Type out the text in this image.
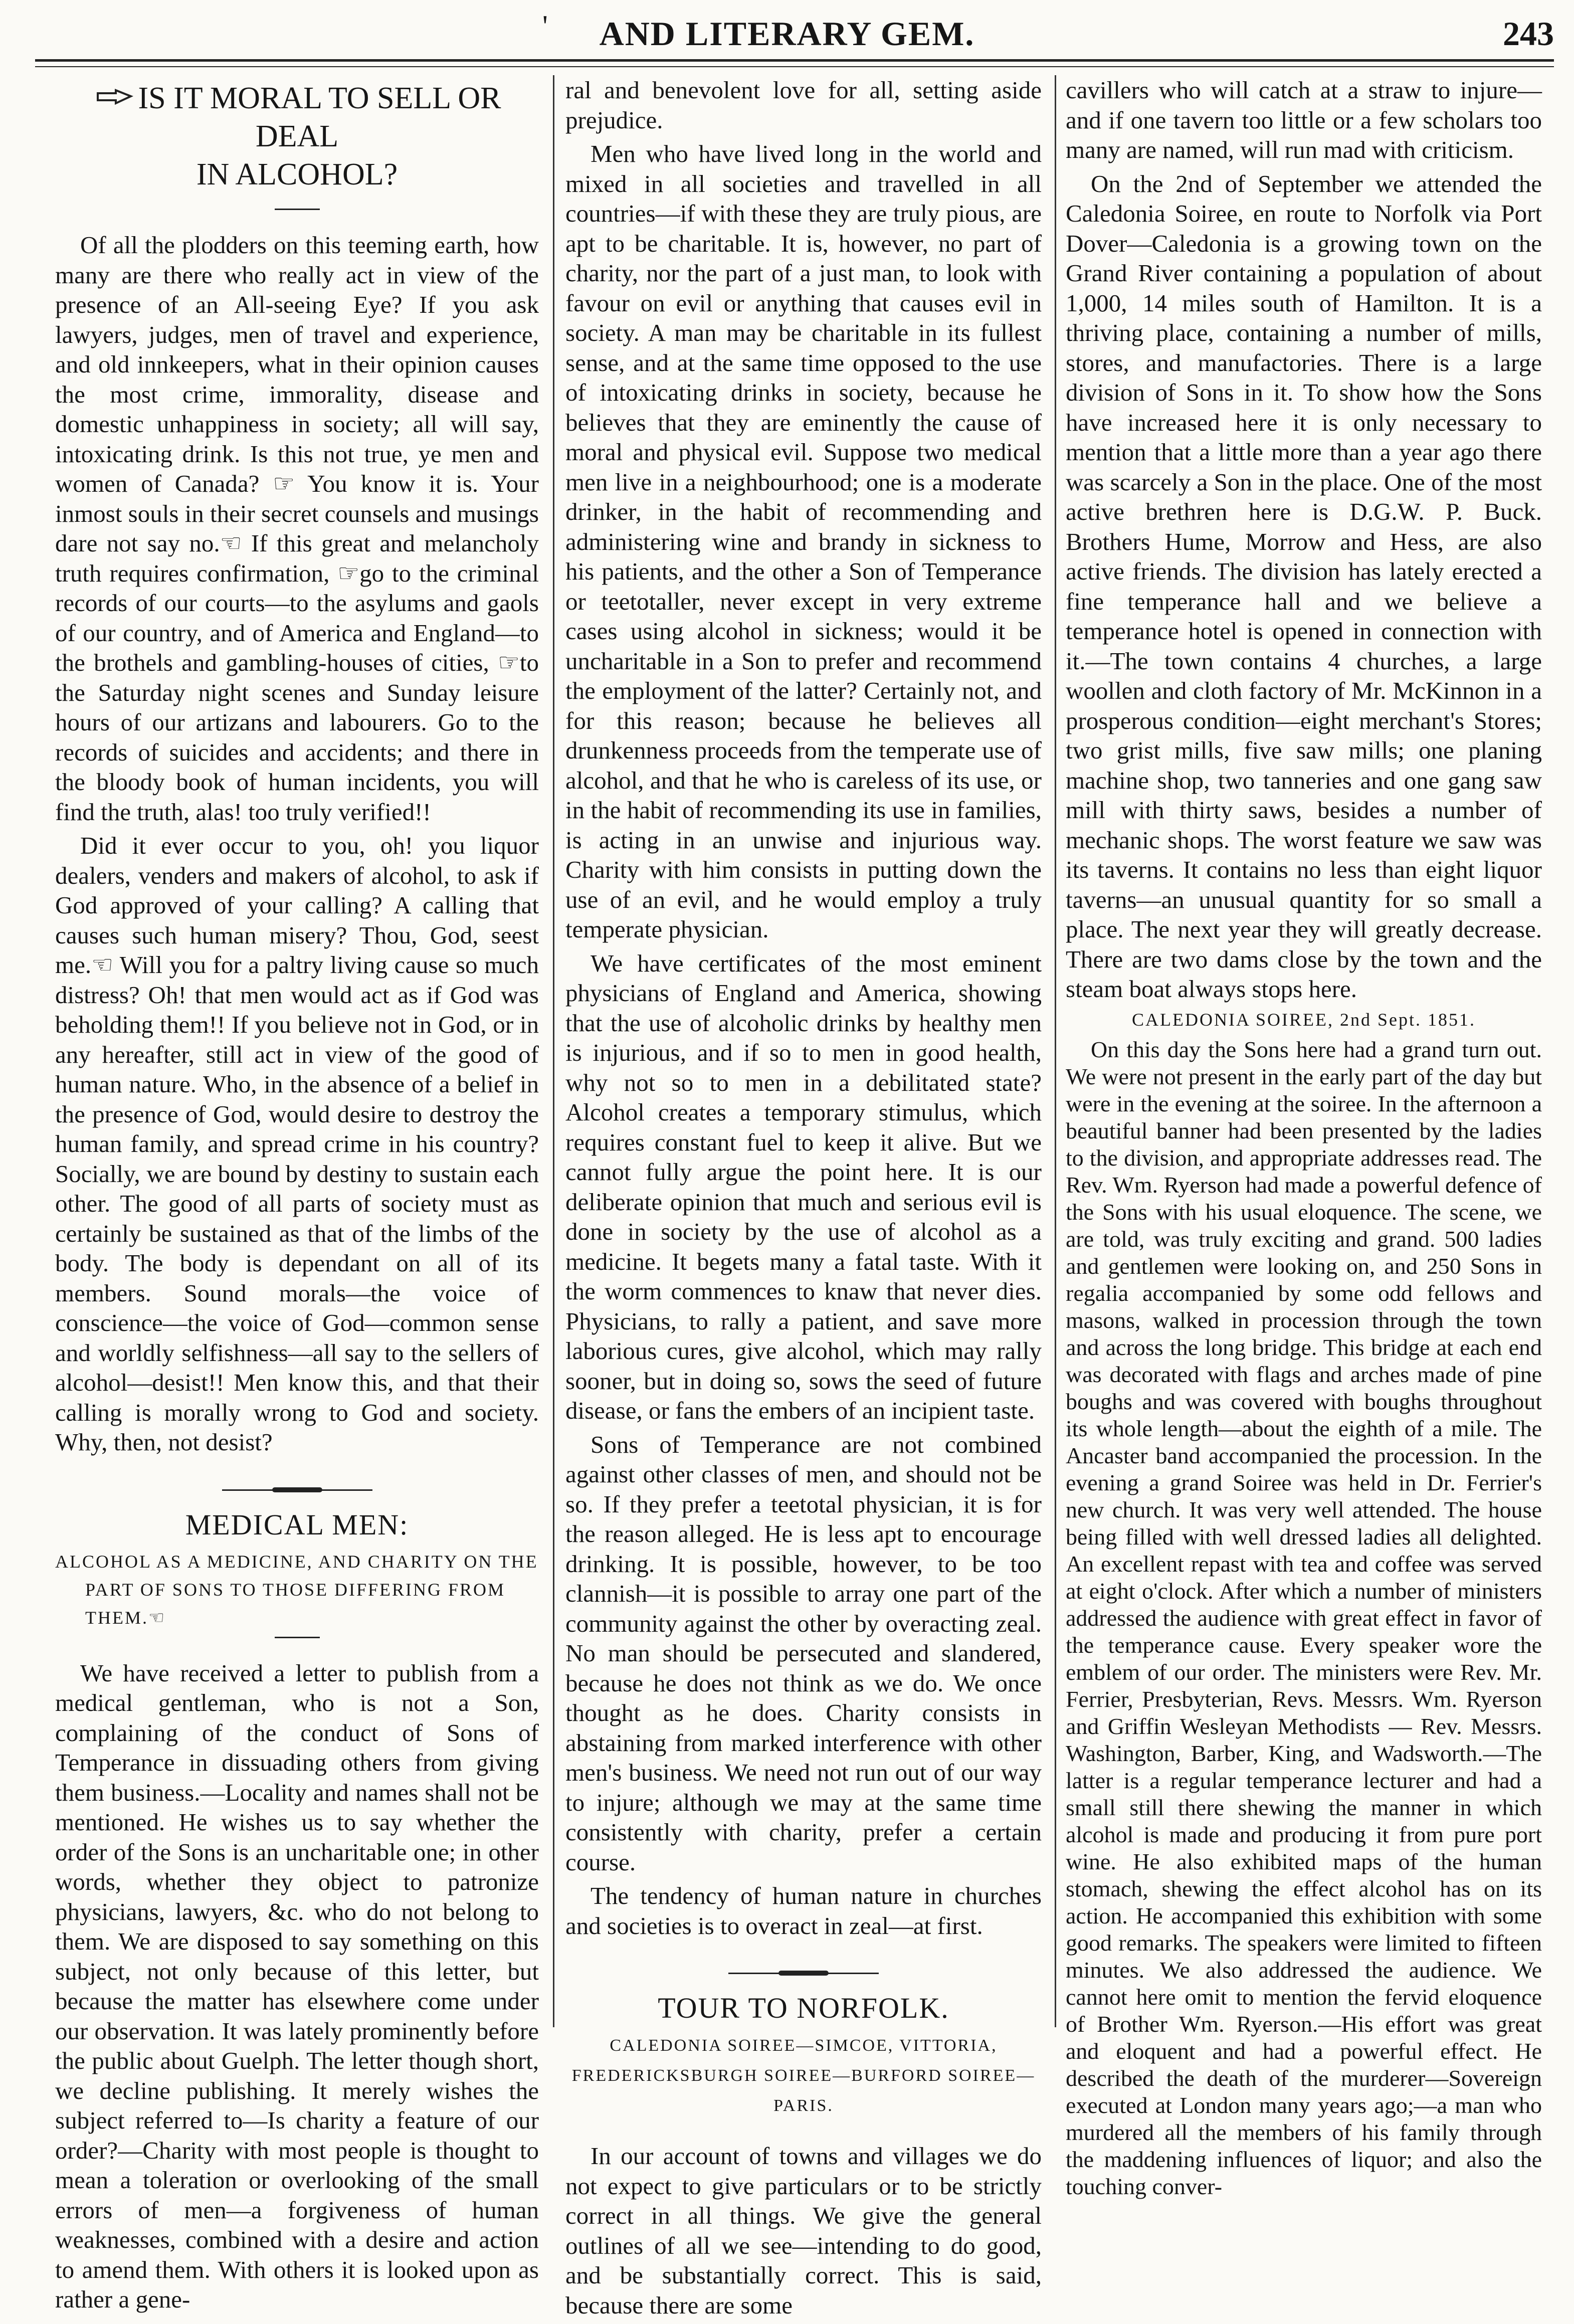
'	AND LITERARY GEM.	243
IS IT MORAL TO SELL OR DEAL
IN ALCOHOL?

Of all the plodders on this teeming earth, how many are there who really act in view of the presence of an All-seeing Eye? If you ask lawyers, judges, men of travel and experience, and old innkeepers, what in their opinion causes the most crime, immorality, disease and domestic unhappiness in society; all will say, intoxicating drink. Is this not true, ye men and women of Canada? ☞ You know it is. Your inmost souls in their secret counsels and musings dare not say no.☜ If this great and melancholy truth requires confirmation, ☞go to the criminal records of our courts—to the asylums and gaols of our country, and of America and England—to the brothels and gambling-houses of cities, ☞to the Saturday night scenes and Sunday leisure hours of our artizans and labourers. Go to the records of suicides and accidents; and there in the bloody book of human incidents, you will find the truth, alas! too truly verified!!

Did it ever occur to you, oh! you liquor dealers, venders and makers of alcohol, to ask if God approved of your calling? A calling that causes such human misery? Thou, God, seest me.☜ Will you for a paltry living cause so much distress? Oh! that men would act as if God was beholding them!! If you believe not in God, or in any hereafter, still act in view of the good of human nature. Who, in the absence of a belief in the presence of God, would desire to destroy the human family, and spread crime in his country? Socially, we are bound by destiny to sustain each other. The good of all parts of society must as certainly be sustained as that of the limbs of the body. The body is dependant on all of its members. Sound morals—the voice of conscience—the voice of God—common sense and worldly selfishness—all say to the sellers of alcohol—desist!! Men know this, and that their calling is morally wrong to God and society. Why, then, not desist?

MEDICAL MEN:
ALCOHOL AS A MEDICINE, AND CHARITY ON THE PART OF SONS TO THOSE DIFFERING FROM THEM.☜

We have received a letter to publish from a medical gentleman, who is not a Son, complaining of the conduct of Sons of Temperance in dissuading others from giving them business.—Locality and names shall not be mentioned. He wishes us to say whether the order of the Sons is an uncharitable one; in other words, whether they object to patronize physicians, lawyers, &c. who do not belong to them. We are disposed to say something on this subject, not only because of this letter, but because the matter has elsewhere come under our observation. It was lately prominently before the public about Guelph. The letter though short, we decline publishing. It merely wishes the subject referred to—Is charity a feature of our order?—Charity with most people is thought to mean a toleration or overlooking of the small errors of men—a forgiveness of human weaknesses, combined with a desire and action to amend them. With others it is looked upon as rather a gene-

ral and benevolent love for all, setting aside prejudice.

Men who have lived long in the world and mixed in all societies and travelled in all countries—if with these they are truly pious, are apt to be charitable. It is, however, no part of charity, nor the part of a just man, to look with favour on evil or anything that causes evil in society. A man may be charitable in its fullest sense, and at the same time opposed to the use of intoxicating drinks in society, because he believes that they are eminently the cause of moral and physical evil. Suppose two medical men live in a neighbourhood; one is a moderate drinker, in the habit of recommending and administering wine and brandy in sickness to his patients, and the other a Son of Temperance or teetotaller, never except in very extreme cases using alcohol in sickness; would it be uncharitable in a Son to prefer and recommend the employment of the latter? Certainly not, and for this reason; because he believes all drunkenness proceeds from the temperate use of alcohol, and that he who is careless of its use, or in the habit of recommending its use in families, is acting in an unwise and injurious way. Charity with him consists in putting down the use of an evil, and he would employ a truly temperate physician.

We have certificates of the most eminent physicians of England and America, showing that the use of alcoholic drinks by healthy men is injurious, and if so to men in good health, why not so to men in a debilitated state? Alcohol creates a temporary stimulus, which requires constant fuel to keep it alive. But we cannot fully argue the point here. It is our deliberate opinion that much and serious evil is done in society by the use of alcohol as a medicine. It begets many a fatal taste. With it the worm commences to knaw that never dies. Physicians, to rally a patient, and save more laborious cures, give alcohol, which may rally sooner, but in doing so, sows the seed of future disease, or fans the embers of an incipient taste.

Sons of Temperance are not combined against other classes of men, and should not be so. If they prefer a teetotal physician, it is for the reason alleged. He is less apt to encourage drinking. It is possible, however, to be too clannish—it is possible to array one part of the community against the other by overacting zeal. No man should be persecuted and slandered, because he does not think as we do. We once thought as he does. Charity consists in abstaining from marked interference with other men's business. We need not run out of our way to injure; although we may at the same time consistently with charity, prefer a certain course.

The tendency of human nature in churches and societies is to overact in zeal—at first.

TOUR TO NORFOLK.
CALEDONIA SOIREE—SIMCOE, VITTORIA, FREDERICKSBURGH SOIREE—BURFORD SOIREE—PARIS.

In our account of towns and villages we do not expect to give particulars or to be strictly correct in all things. We give the general outlines of all we see—intending to do good, and be substantially correct. This is said, because there are some

cavillers who will catch at a straw to injure—and if one tavern too little or a few scholars too many are named, will run mad with criticism.

On the 2nd of September we attended the Caledonia Soiree, en route to Norfolk via Port Dover—Caledonia is a growing town on the Grand River containing a population of about 1,000, 14 miles south of Hamilton. It is a thriving place, containing a number of mills, stores, and manufactories. There is a large division of Sons in it. To show how the Sons have increased here it is only necessary to mention that a little more than a year ago there was scarcely a Son in the place. One of the most active brethren here is D.G.W. P. Buck. Brothers Hume, Morrow and Hess, are also active friends. The division has lately erected a fine temperance hall and we believe a temperance hotel is opened in connection with it.—The town contains 4 churches, a large woollen and cloth factory of Mr. McKinnon in a prosperous condition—eight merchant's Stores; two grist mills, five saw mills; one planing machine shop, two tanneries and one gang saw mill with thirty saws, besides a number of mechanic shops. The worst feature we saw was its taverns. It contains no less than eight liquor taverns—an unusual quantity for so small a place. The next year they will greatly decrease. There are two dams close by the town and the steam boat always stops here.

CALEDONIA SOIREE, 2nd Sept. 1851.

On this day the Sons here had a grand turn out. We were not present in the early part of the day but were in the evening at the soiree. In the afternoon a beautiful banner had been presented by the ladies to the division, and appropriate addresses read. The Rev. Wm. Ryerson had made a powerful defence of the Sons with his usual eloquence. The scene, we are told, was truly exciting and grand. 500 ladies and gentlemen were looking on, and 250 Sons in regalia accompanied by some odd fellows and masons, walked in procession through the town and across the long bridge. This bridge at each end was decorated with flags and arches made of pine boughs and was covered with boughs throughout its whole length—about the eighth of a mile. The Ancaster band accompanied the procession. In the evening a grand Soiree was held in Dr. Ferrier's new church. It was very well attended. The house being filled with well dressed ladies all delighted. An excellent repast with tea and coffee was served at eight o'clock. After which a number of ministers addressed the audience with great effect in favor of the temperance cause. Every speaker wore the emblem of our order. The ministers were Rev. Mr. Ferrier, Presbyterian, Revs. Messrs. Wm. Ryerson and Griffin Wesleyan Methodists — Rev. Messrs. Washington, Barber, King, and Wadsworth.—The latter is a regular temperance lecturer and had a small still there shewing the manner in which alcohol is made and producing it from pure port wine. He also exhibited maps of the human stomach, shewing the effect alcohol has on its action. He accompanied this exhibition with some good remarks. The speakers were limited to fifteen minutes. We also addressed the audience. We cannot here omit to mention the fervid eloquence of Brother Wm. Ryerson.—His effort was great and eloquent and had a powerful effect. He described the death of the murderer—Sovereign executed at London many years ago;—a man who murdered all the members of his family through the maddening influences of liquor; and also the touching conver-
